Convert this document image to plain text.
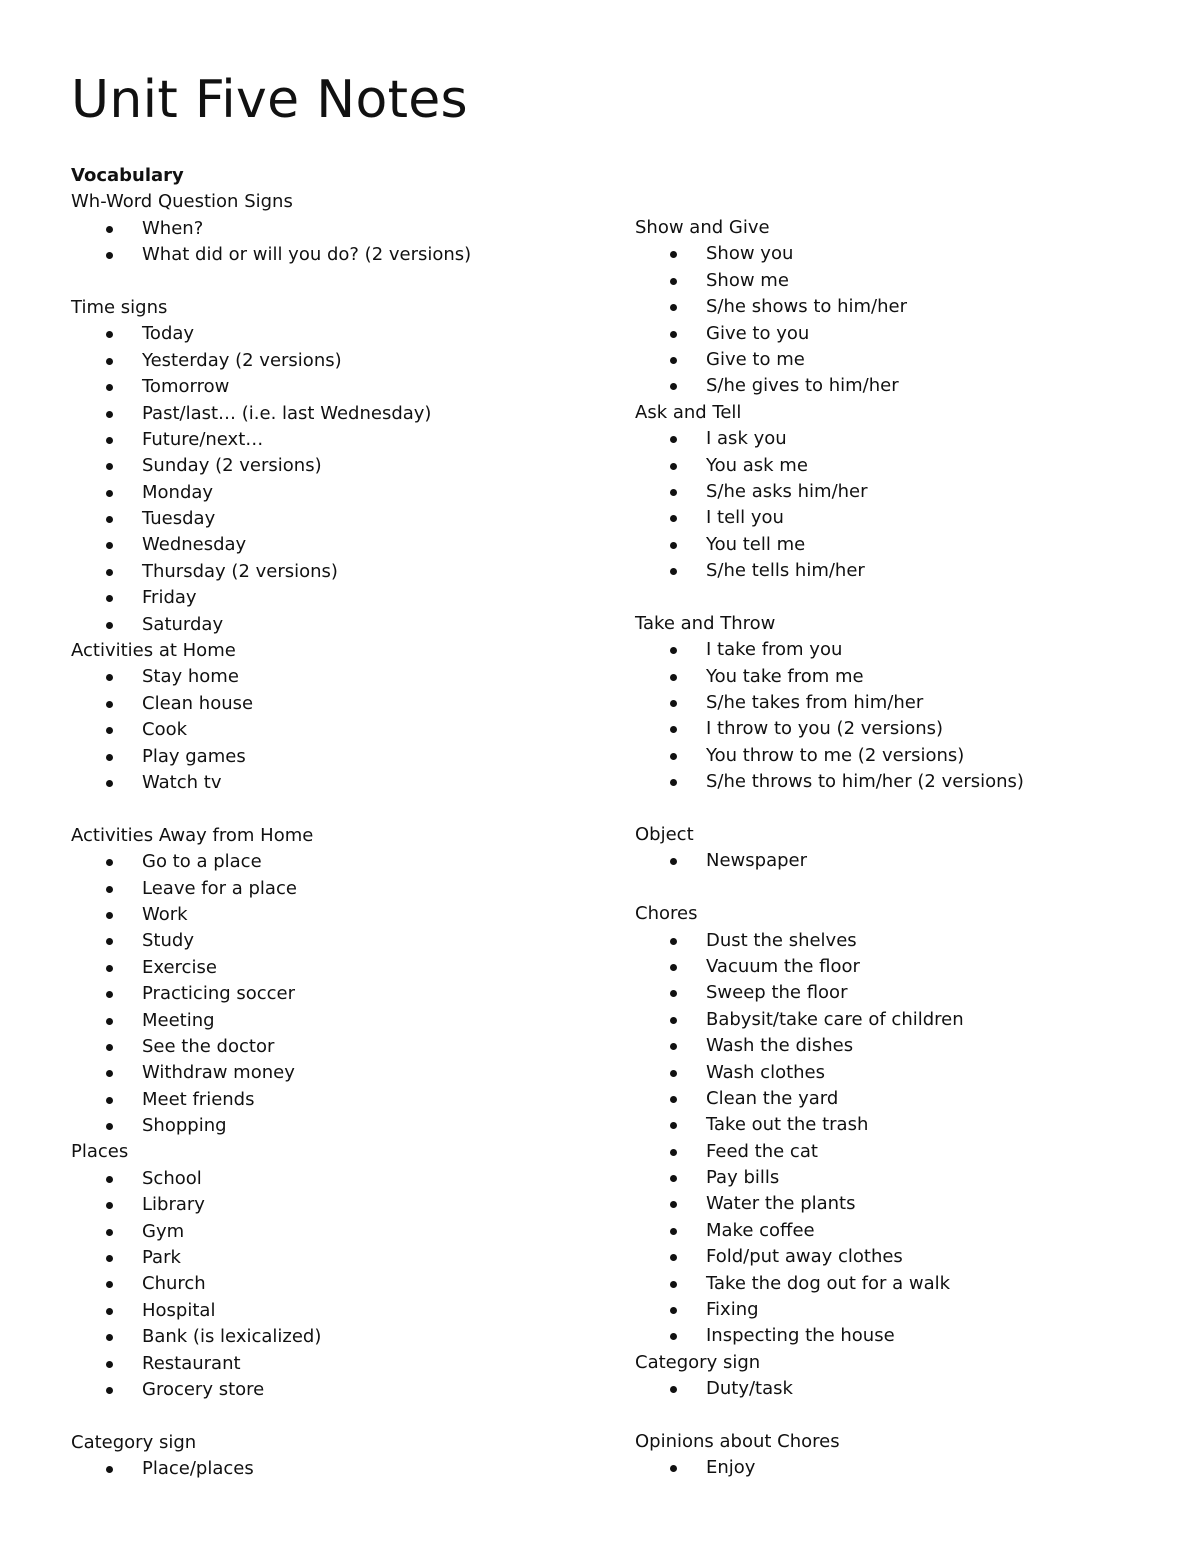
Unit Five Notes
Vocabulary
Wh-Word Question Signs
When?
What did or will you do? (2 versions)
Time signs
Today
Yesterday (2 versions)
Tomorrow
Past/last… (i.e. last Wednesday)
Future/next…
Sunday (2 versions)
Monday
Tuesday
Wednesday
Thursday (2 versions)
Friday
Saturday
Activities at Home
Stay home
Clean house
Cook
Play games
Watch tv
Activities Away from Home
Go to a place
Leave for a place
Work
Study
Exercise
Practicing soccer
Meeting
See the doctor
Withdraw money
Meet friends
Shopping
Places
School
Library
Gym
Park
Church
Hospital
Bank (is lexicalized)
Restaurant
Grocery store
Category sign
Place/places
Show and Give
Show you
Show me
S/he shows to him/her
Give to you
Give to me
S/he gives to him/her
Ask and Tell
I ask you
You ask me
S/he asks him/her
I tell you
You tell me
S/he tells him/her
Take and Throw
I take from you
You take from me
S/he takes from him/her
I throw to you (2 versions)
You throw to me (2 versions)
S/he throws to him/her (2 versions)
Object
Newspaper
Chores
Dust the shelves
Vacuum the floor
Sweep the floor
Babysit/take care of children
Wash the dishes
Wash clothes
Clean the yard
Take out the trash
Feed the cat
Pay bills
Water the plants
Make coffee
Fold/put away clothes
Take the dog out for a walk
Fixing
Inspecting the house
Category sign
Duty/task
Opinions about Chores
Enjoy
